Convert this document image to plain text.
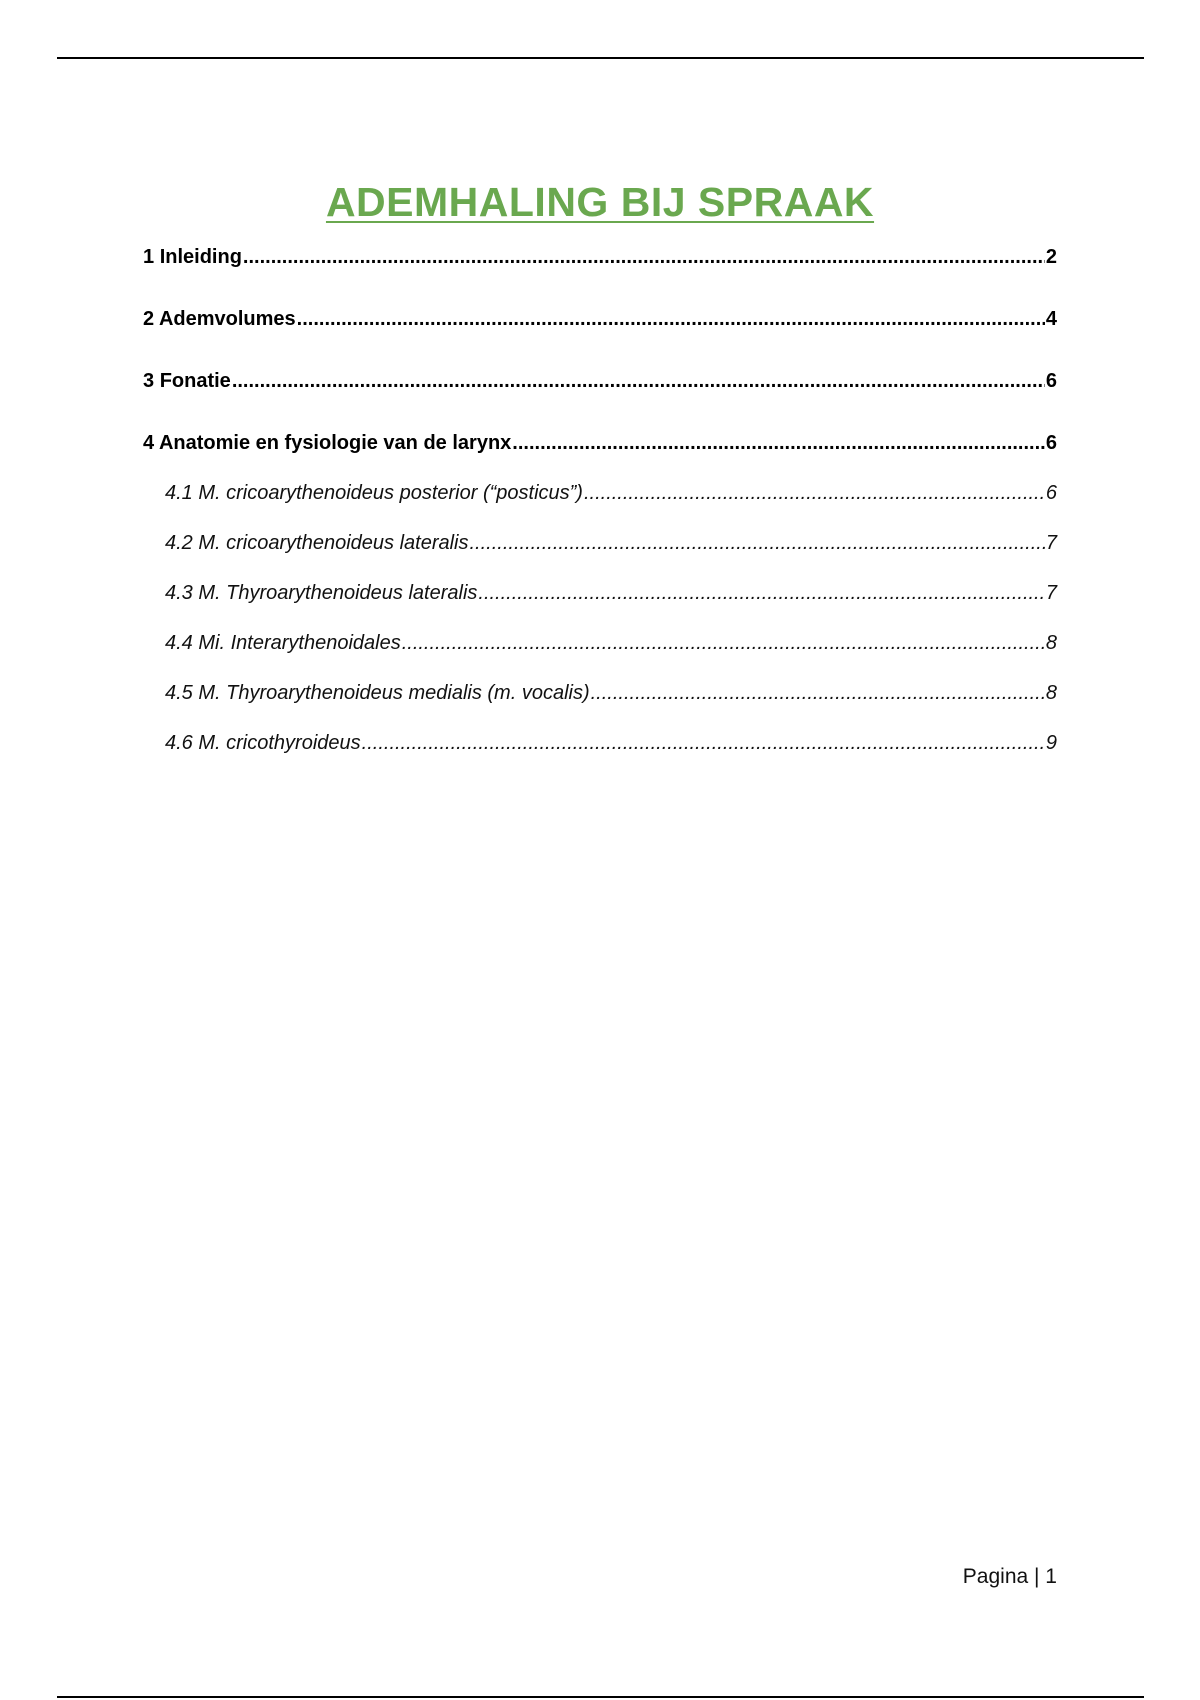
ADEMHALING BIJ SPRAAK
1 Inleiding .....	2
2 Ademvolumes .....	4
3 Fonatie .....	6
4 Anatomie en fysiologie van de larynx .....	6
4.1 M. cricoarythenoideus posterior (“posticus”) .....	6
4.2 M. cricoarythenoideus lateralis .....	7
4.3 M. Thyroarythenoideus lateralis .....	7
4.4 Mi. Interarythenoidales .....	8
4.5 M. Thyroarythenoideus medialis (m. vocalis) .....	8
4.6 M. cricothyroideus .....	9
Pagina | 1
